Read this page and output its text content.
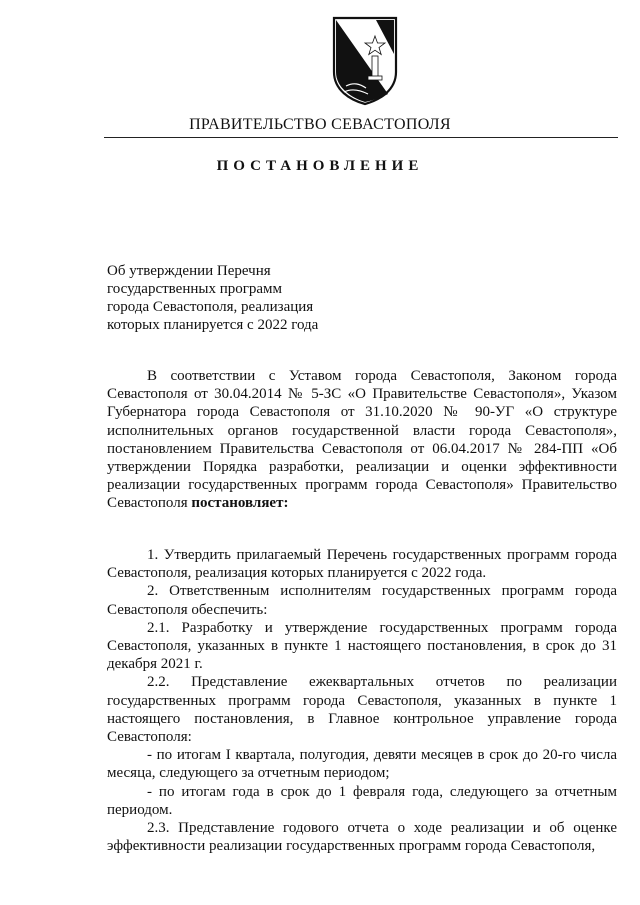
ПРАВИТЕЛЬСТВО СЕВАСТОПОЛЯ
ПОСТАНОВЛЕНИЕ
Об утверждении Перечня
государственных программ
города Севастополя, реализация
которых планируется с 2022 года

В соответствии с Уставом города Севастополя, Законом города Севастополя от 30.04.2014 № 5-ЗС «О Правительстве Севастополя», Указом Губернатора города Севастополя от 31.10.2020 № 90-УГ «О структуре исполнительных органов государственной власти города Севастополя», постановлением Правительства Севастополя от 06.04.2017 № 284-ПП «Об утверждении Порядка разработки, реализации и оценки эффективности реализации государственных программ города Севастополя» Правительство Севастополя постановляет:

1. Утвердить прилагаемый Перечень государственных программ города Севастополя, реализация которых планируется с 2022 года.

2. Ответственным исполнителям государственных программ города Севастополя обеспечить:

2.1. Разработку и утверждение государственных программ города Севастополя, указанных в пункте 1 настоящего постановления, в срок до 31 декабря 2021 г.

2.2. Представление ежеквартальных отчетов по реализации государственных программ города Севастополя, указанных в пункте 1 настоящего постановления, в Главное контрольное управление города Севастополя:

- по итогам I квартала, полугодия, девяти месяцев в срок до 20-го числа месяца, следующего за отчетным периодом;

- по итогам года в срок до 1 февраля года, следующего за отчетным периодом.

2.3. Представление годового отчета о ходе реализации и об оценке эффективности реализации государственных программ города Севастополя,
